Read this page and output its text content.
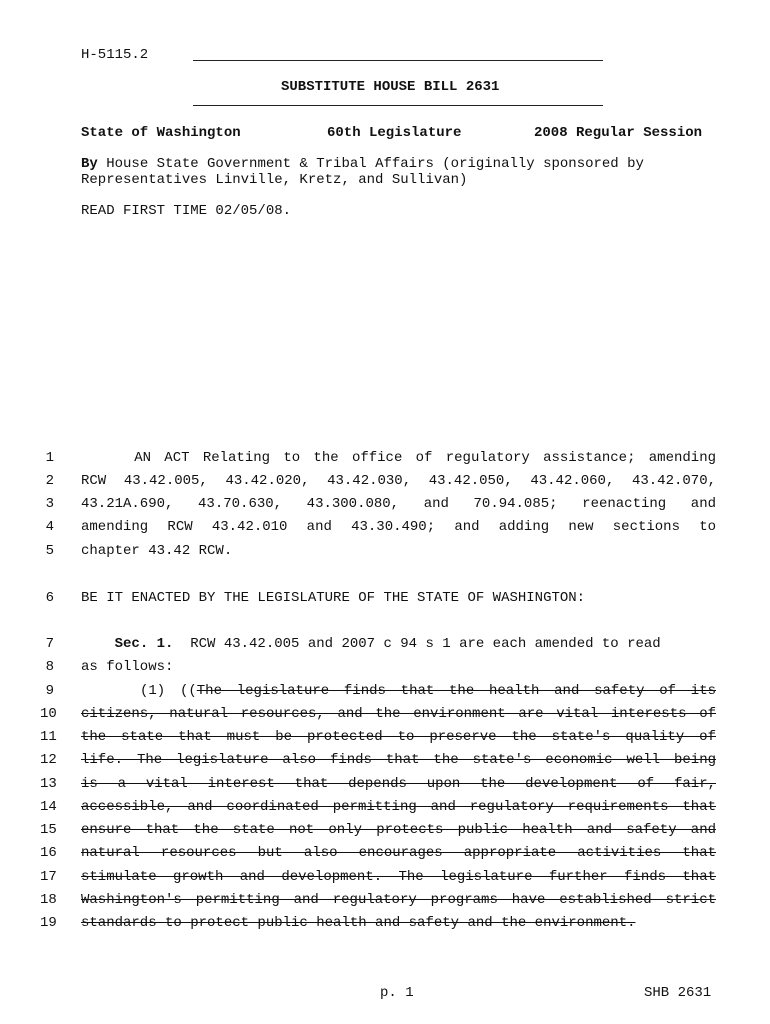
H-5115.2
SUBSTITUTE HOUSE BILL 2631
State of Washington	60th Legislature	2008 Regular Session
By House State Government & Tribal Affairs (originally sponsored by Representatives Linville, Kretz, and Sullivan)
READ FIRST TIME 02/05/08.
1 AN ACT Relating to the office of regulatory assistance; amending
2 RCW 43.42.005, 43.42.020, 43.42.030, 43.42.050, 43.42.060, 43.42.070,
3 43.21A.690, 43.70.630, 43.300.080, and 70.94.085; reenacting and
4 amending RCW 43.42.010 and 43.30.490; and adding new sections to
5 chapter 43.42 RCW.
6 BE IT ENACTED BY THE LEGISLATURE OF THE STATE OF WASHINGTON:
7	Sec. 1.  RCW 43.42.005 and 2007 c 94 s 1 are each amended to read
8 as follows:
9 (1) ((The legislature finds that the health and safety of its
10 citizens, natural resources, and the environment are vital interests of
11 the state that must be protected to preserve the state's quality of
12 life. The legislature also finds that the state's economic well being
13 is a vital interest that depends upon the development of fair,
14 accessible, and coordinated permitting and regulatory requirements that
15 ensure that the state not only protects public health and safety and
16 natural resources but also encourages appropriate activities that
17 stimulate growth and development. The legislature further finds that
18 Washington's permitting and regulatory programs have established strict
19 standards to protect public health and safety and the environment.
p. 1	SHB 2631
